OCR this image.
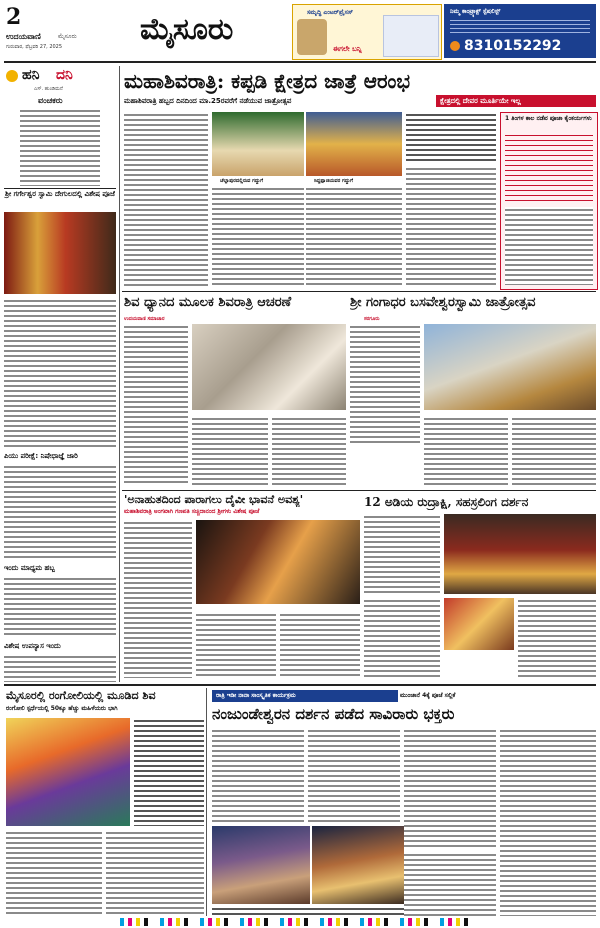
2
ಉದಯವಾಣಿ	ಮೈಸೂರು
ಗುರುವಾರ, ಫೆಬ್ರವರಿ 27, 2025	ಮೈಸೂರು	ಸಮೃದ್ಧಿ ಎಂಟರ್‌ಪ್ರೈಸಸ್
ಈಗಲೇ ಬನ್ನಿ
ನಿಮ್ಮ ಕಾಂಟ್ರ್ಯಾಕ್ಟ್ ಸ್ಪೆಷಲಿಸ್ಟ್
8310152292
ಹನಿ ದನಿ
ಎಸ್. ಹುಂಡಿಮನೆ
ವಂಚಕರು
ಶ್ರೀ ಗರ್ಗೇಶ್ವರ ಸ್ವಾಮಿ ದೇಗುಲದಲ್ಲಿ ವಿಶೇಷ ಪೂಜೆ
ಪಿಯು ಪರೀಕ್ಷೆ: ನಿಷೇಧಾಜ್ಞೆ ಜಾರಿ
ಇಂದು ಮಾಧ್ಯಮ ಹಬ್ಬ
ವಿಶೇಷ ಉಪನ್ಯಾಸ ಇಂದು
ಮಹಾಶಿವರಾತ್ರಿ: ಕಪ್ಪಡಿ ಕ್ಷೇತ್ರದ ಜಾತ್ರೆ ಆರಂಭ
ಮಹಾಶಿವರಾತ್ರಿ ಹಬ್ಬದ ದಿನದಿಂದ ಮಾ.25ರವರೆಗೆ ನಡೆಯುವ ಜಾತ್ರೋತ್ಸವ	ಕ್ಷೇತ್ರದಲ್ಲಿ ದೇವರ ಮೂರ್ತಿಯೇ ಇಲ್ಲ
ಚೆಲ್ಲಾಪುರದಲ್ಲಿರುವ ಗದ್ದುಗೆ	ಸಿದ್ದಪ್ಪಾಜಿಯವರ ಗದ್ದುಗೆ
1 ತಿಂಗಳ ಕಾಲ ನಡೆವ ಪೂಜಾ ಕೈಂಕರ್ಯಗಳು
ಶಿವ ಧ್ಯಾನದ ಮೂಲಕ ಶಿವರಾತ್ರಿ ಆಚರಣೆ	ಶ್ರೀ ಗಂಗಾಧರ ಬಸವೇಶ್ವರಸ್ವಾಮಿ ಜಾತ್ರೋತ್ಸವ
ಉದಯವಾಣಿ ಸಮಾಚಾರ	ಸರಗೂರು
'ಅನಾಹುತದಿಂದ ಪಾರಾಗಲು ದೈವೀ ಭಾವನೆ ಅವಶ್ಯ'
ಮಹಾಶಿವರಾತ್ರಿ ಅಂಗವಾಗಿ ಗಣಪತಿ ಸಚ್ಚಿದಾನಂದ ಶ್ರೀಗಳು ವಿಶೇಷ ಪೂಜೆ
12 ಅಡಿಯ ರುದ್ರಾಕ್ಷಿ, ಸಹಸ್ರಲಿಂಗ ದರ್ಶನ
ಮೈಸೂರಲ್ಲಿ ರಂಗೋಲಿಯಲ್ಲಿ ಮೂಡಿದ ಶಿವ
ರಂಗೋಲಿ ಸ್ಪರ್ಧೆಯಲ್ಲಿ 50ಕ್ಕೂ ಹೆಚ್ಚು ಮಹಿಳೆಯರು ಭಾಗಿ
ರಾತ್ರಿ ಇಡೀ ನಾನಾ ಸಾಂಸ್ಕೃತಿಕ ಕಾರ್ಯಕ್ರಮ	ಮುಂಜಾನೆ 4ಕ್ಕೆ ಪೂಜೆ ಸಲ್ಲಿಕೆ
ನಂಜುಂಡೇಶ್ವರನ ದರ್ಶನ ಪಡೆದ ಸಾವಿರಾರು ಭಕ್ತರು
